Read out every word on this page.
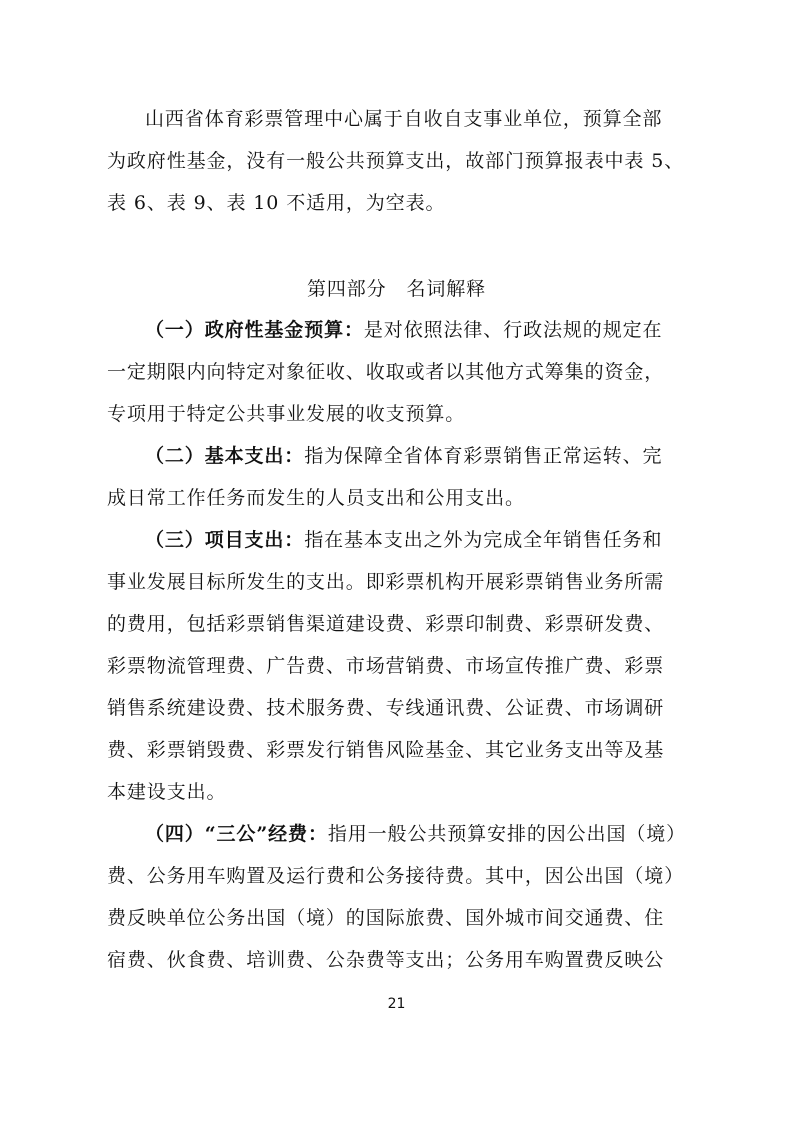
山西省体育彩票管理中心属于自收自支事业单位，预算全部
为政府性基金，没有一般公共预算支出，故部门预算报表中表 5、
表 6、表 9、表 10 不适用，为空表。
第四部分　名词解释
（一）政府性基金预算：是对依照法律、行政法规的规定在
一定期限内向特定对象征收、收取或者以其他方式筹集的资金，
专项用于特定公共事业发展的收支预算。
（二）基本支出：指为保障全省体育彩票销售正常运转、完
成日常工作任务而发生的人员支出和公用支出。
（三）项目支出：指在基本支出之外为完成全年销售任务和
事业发展目标所发生的支出。即彩票机构开展彩票销售业务所需
的费用，包括彩票销售渠道建设费、彩票印制费、彩票研发费、
彩票物流管理费、广告费、市场营销费、市场宣传推广费、彩票
销售系统建设费、技术服务费、专线通讯费、公证费、市场调研
费、彩票销毁费、彩票发行销售风险基金、其它业务支出等及基
本建设支出。
（四）“三公”经费：指用一般公共预算安排的因公出国（境）
费、公务用车购置及运行费和公务接待费。其中，因公出国（境）
费反映单位公务出国（境）的国际旅费、国外城市间交通费、住
宿费、伙食费、培训费、公杂费等支出；公务用车购置费反映公
21
